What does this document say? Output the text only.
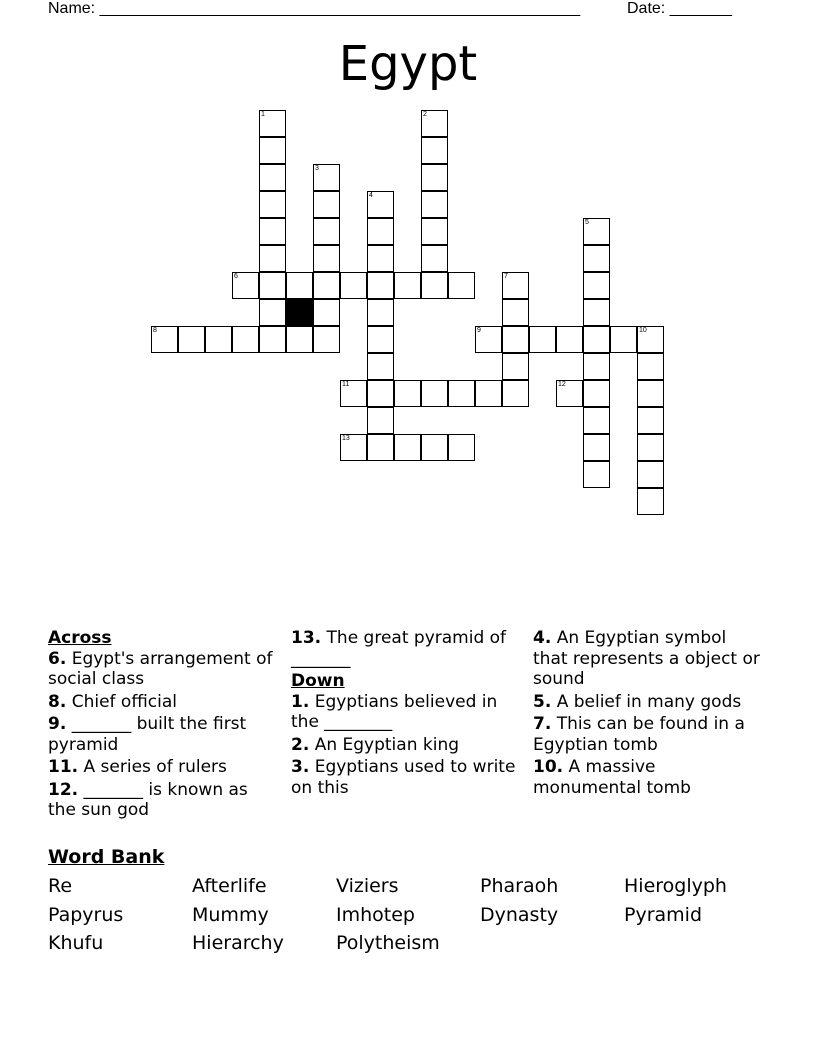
Name: ______________________________________________________	Date: _______
Egypt
1	2
3
4
5
6	7
8	9	10
11	12
13
Across
6. Egypt's arrangement of social class
8. Chief official
9. _______ built the first pyramid
11. A series of rulers
12. _______ is known as the sun god
13. The great pyramid of _______
Down
1. Egyptians believed in the ________
2. An Egyptian king
3. Egyptians used to write on this
4. An Egyptian symbol that represents a object or sound
5. A belief in many gods
7. This can be found in a Egyptian tomb
10. A massive monumental tomb
Word Bank
Re	Afterlife	Viziers	Pharaoh	Hieroglyph
Papyrus	Mummy	Imhotep	Dynasty	Pyramid
Khufu	Hierarchy	Polytheism
